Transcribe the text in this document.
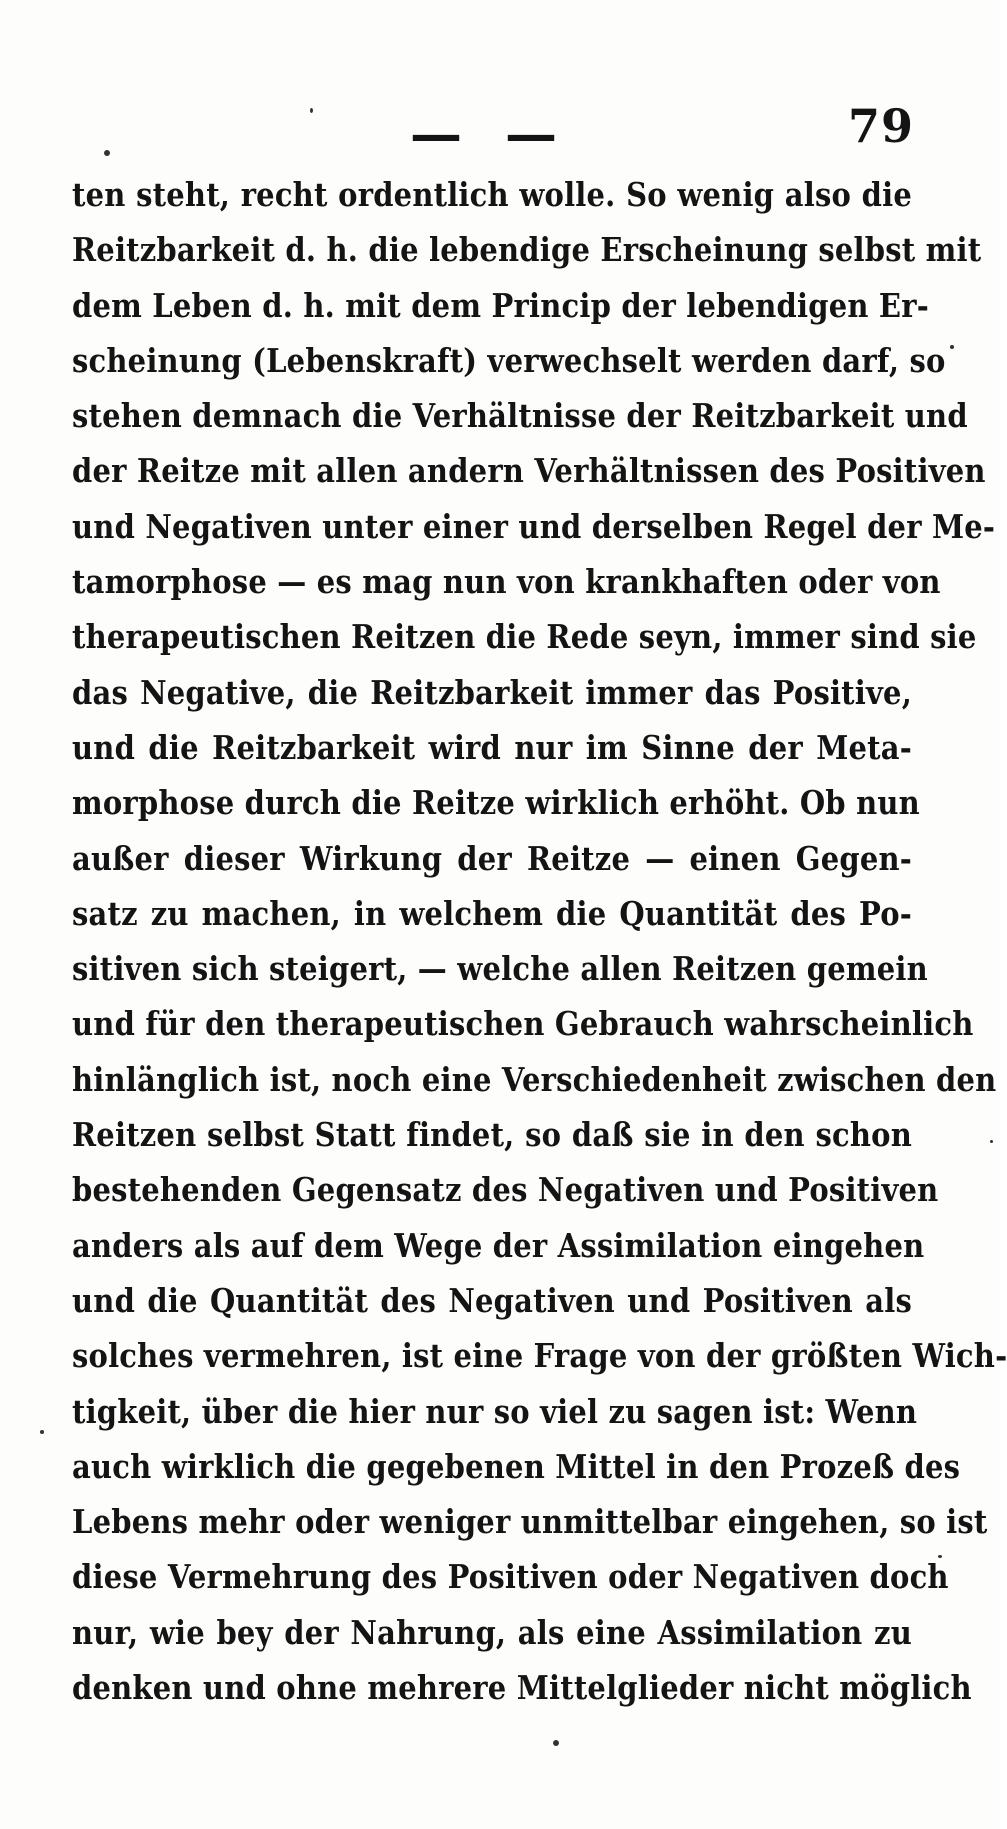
— —	79
ten steht, recht ordentlich wolle. So wenig also die
Reitzbarkeit d. h. die lebendige Erscheinung selbst mit
dem Leben d. h. mit dem Princip der lebendigen Er-
scheinung (Lebenskraft) verwechselt werden darf, so
stehen demnach die Verhältnisse der Reitzbarkeit und
der Reitze mit allen andern Verhältnissen des Positiven
und Negativen unter einer und derselben Regel der Me-
tamorphose — es mag nun von krankhaften oder von
therapeutischen Reitzen die Rede seyn, immer sind sie
das Negative, die Reitzbarkeit immer das Positive,
und die Reitzbarkeit wird nur im Sinne der Meta-
morphose durch die Reitze wirklich erhöht. Ob nun
außer dieser Wirkung der Reitze — einen Gegen-
satz zu machen, in welchem die Quantität des Po-
sitiven sich steigert, — welche allen Reitzen gemein
und für den therapeutischen Gebrauch wahrscheinlich
hinlänglich ist, noch eine Verschiedenheit zwischen den
Reitzen selbst Statt findet, so daß sie in den schon
bestehenden Gegensatz des Negativen und Positiven
anders als auf dem Wege der Assimilation eingehen
und die Quantität des Negativen und Positiven als
solches vermehren, ist eine Frage von der größten Wich-
tigkeit, über die hier nur so viel zu sagen ist: Wenn
auch wirklich die gegebenen Mittel in den Prozeß des
Lebens mehr oder weniger unmittelbar eingehen, so ist
diese Vermehrung des Positiven oder Negativen doch
nur, wie bey der Nahrung, als eine Assimilation zu
denken und ohne mehrere Mittelglieder nicht möglich
